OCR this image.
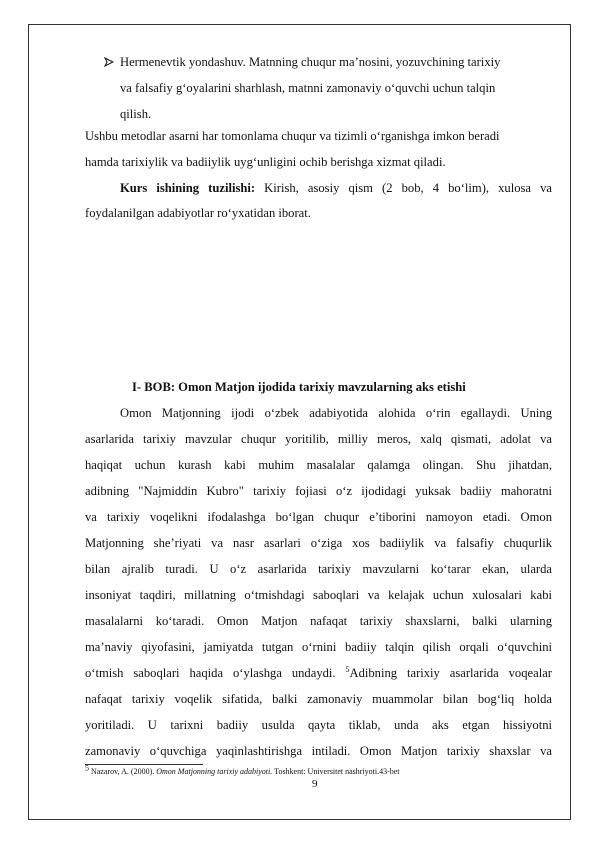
Hermenevtik yondashuv. Matnning chuqur ma’nosini, yozuvchining tarixiy
va falsafiy g‘oyalarini sharhlash, matnni zamonaviy o‘quvchi uchun talqin
qilish.
Ushbu metodlar asarni har tomonlama chuqur va tizimli o‘rganishga imkon beradi
hamda tarixiylik va badiiylik uyg‘unligini ochib berishga xizmat qiladi.
Kurs ishining tuzilishi: Kirish, asosiy qism (2 bob, 4 bo‘lim), xulosa va
foydalanilgan adabiyotlar ro‘yxatidan iborat.
I- BOB: Omon Matjon ijodida tarixiy mavzularning aks etishi
Omon Matjonning ijodi o‘zbek adabiyotida alohida o‘rin egallaydi. Uning
asarlarida tarixiy mavzular chuqur yoritilib, milliy meros, xalq qismati, adolat va
haqiqat uchun kurash kabi muhim masalalar qalamga olingan. Shu jihatdan,
adibning "Najmiddin Kubro" tarixiy fojiasi o‘z ijodidagi yuksak badiiy mahoratni
va tarixiy voqelikni ifodalashga bo‘lgan chuqur e’tiborini namoyon etadi. Omon
Matjonning she’riyati va nasr asarlari o‘ziga xos badiiylik va falsafiy chuqurlik
bilan ajralib turadi. U o‘z asarlarida tarixiy mavzularni ko‘tarar ekan, ularda
insoniyat taqdiri, millatning o‘tmishdagi saboqlari va kelajak uchun xulosalari kabi
masalalarni ko‘taradi. Omon Matjon nafaqat tarixiy shaxslarni, balki ularning
ma’naviy qiyofasini, jamiyatda tutgan o‘rnini badiiy talqin qilish orqali o‘quvchini
o‘tmish saboqlari haqida o‘ylashga undaydi. $^5$Adibning tarixiy asarlarida voqealar
nafaqat tarixiy voqelik sifatida, balki zamonaviy muammolar bilan bog‘liq holda
yoritiladi. U tarixni badiiy usulda qayta tiklab, unda aks etgan hissiyotni
zamonaviy o‘quvchiga yaqinlashtirishga intiladi. Omon Matjon tarixiy shaxslar va
$^5$ Nazarov, A. (2000). Omon Matjonning tarixiy adabiyoti. Toshkent: Universitet nashriyoti.43-bet
9
